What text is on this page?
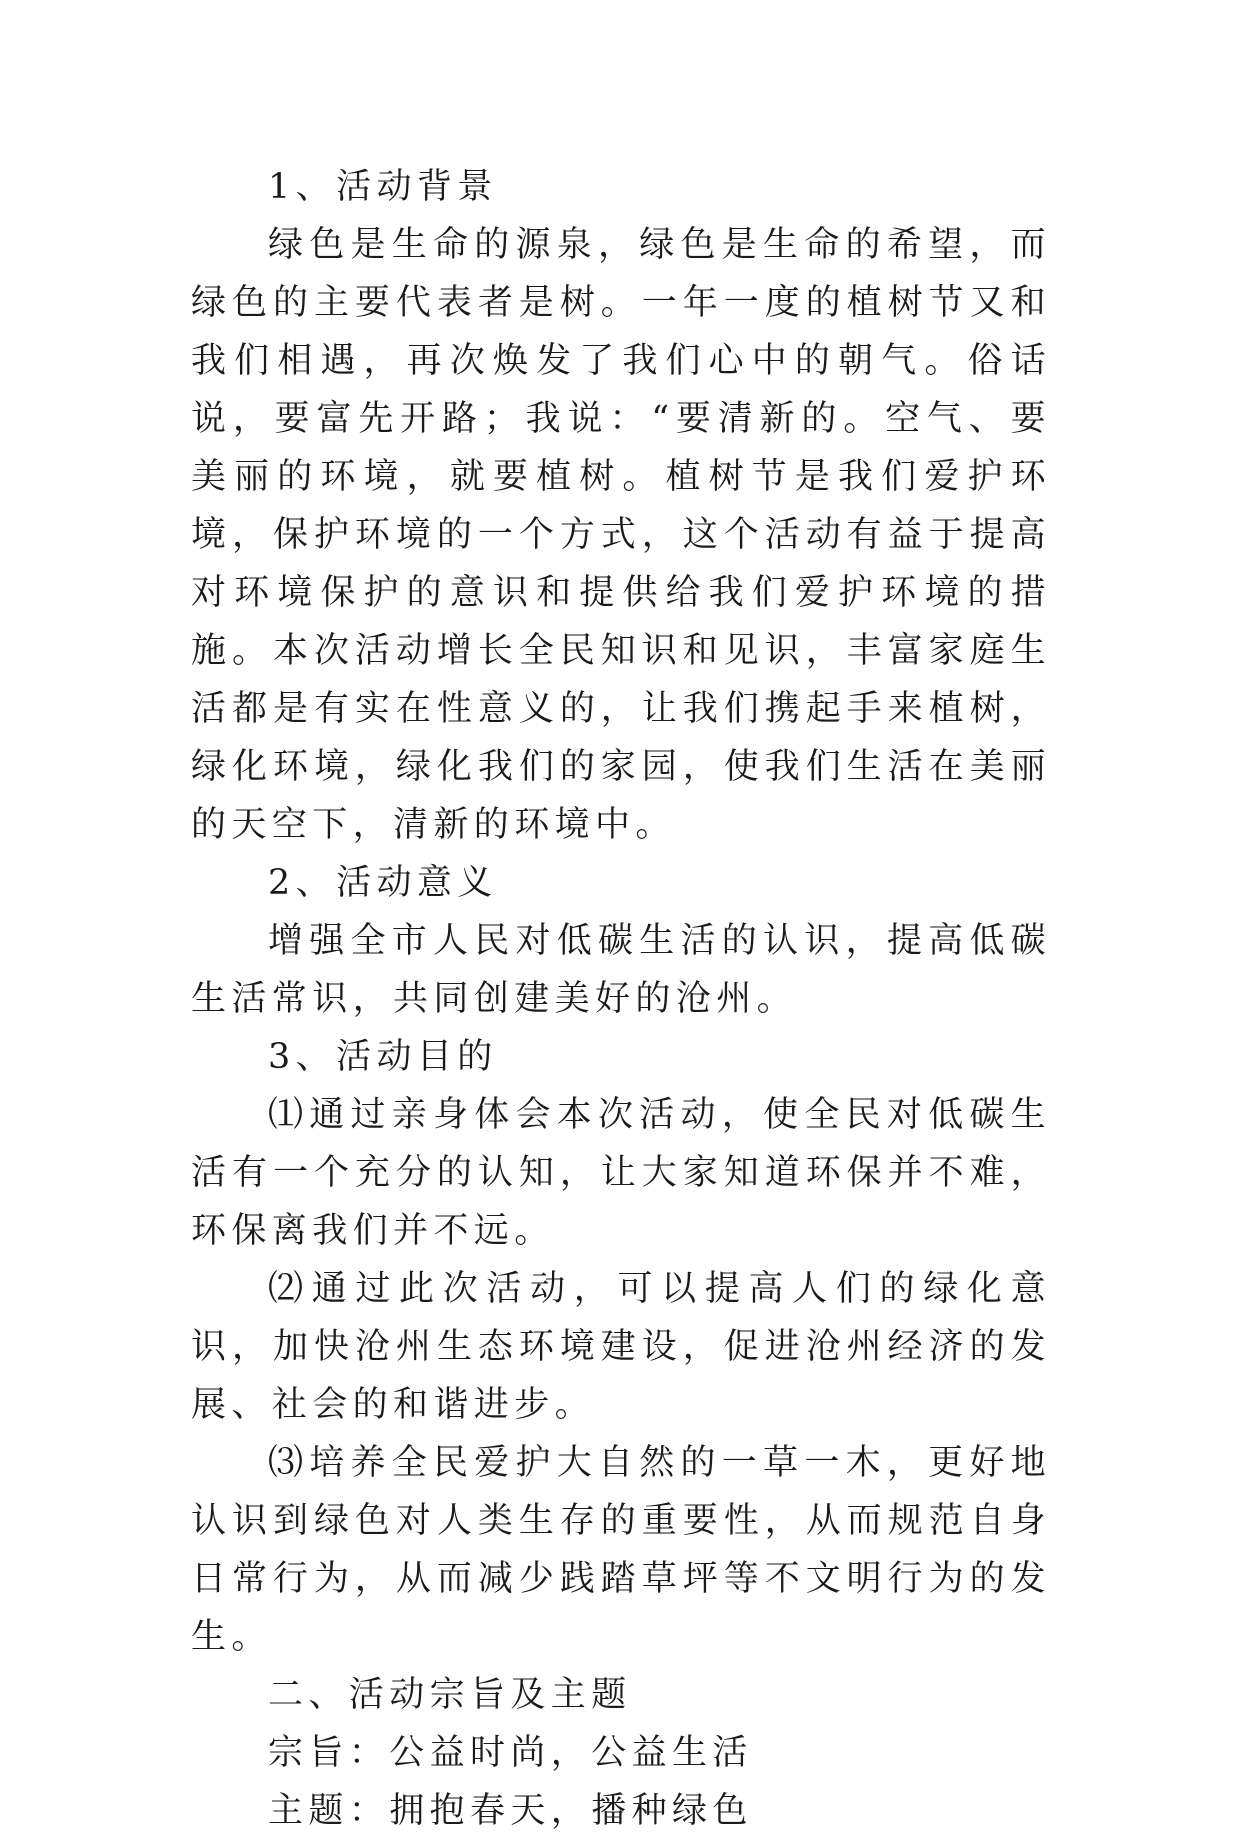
1、活动背景

绿色是生命的源泉，绿色是生命的希望，而绿色的主要代表者是树。一年一度的植树节又和我们相遇，再次焕发了我们心中的朝气。俗话说，要富先开路；我说：“要清新的。空气、要美丽的环境，就要植树。植树节是我们爱护环境，保护环境的一个方式，这个活动有益于提高对环境保护的意识和提供给我们爱护环境的措施。本次活动增长全民知识和见识，丰富家庭生活都是有实在性意义的，让我们携起手来植树，绿化环境，绿化我们的家园，使我们生活在美丽的天空下，清新的环境中。

2、活动意义

增强全市人民对低碳生活的认识，提高低碳生活常识，共同创建美好的沧州。

3、活动目的

⑴通过亲身体会本次活动，使全民对低碳生活有一个充分的认知，让大家知道环保并不难，环保离我们并不远。

⑵通过此次活动，可以提高人们的绿化意识，加快沧州生态环境建设，促进沧州经济的发展、社会的和谐进步。

⑶培养全民爱护大自然的一草一木，更好地认识到绿色对人类生存的重要性，从而规范自身日常行为，从而减少践踏草坪等不文明行为的发生。

二、活动宗旨及主题

宗旨：公益时尚，公益生活

主题：拥抱春天，播种绿色
